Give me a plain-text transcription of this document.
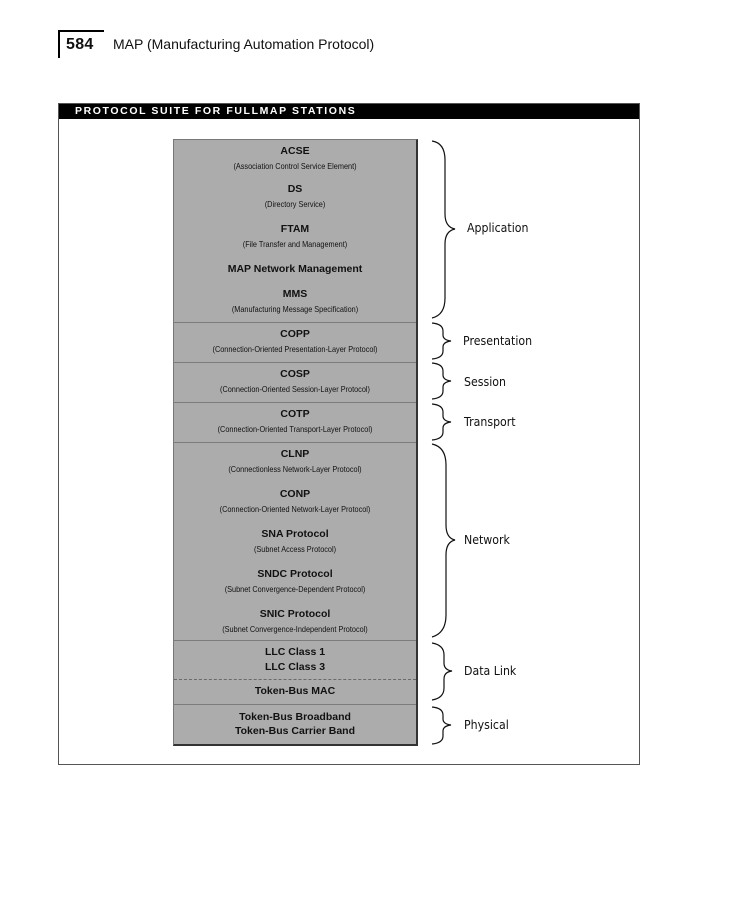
584 MAP (Manufacturing Automation Protocol)
PROTOCOL SUITE FOR FULLMAP STATIONS
ACSE
(Association Control Service Element)
DS
(Directory Service)
FTAM
(File Transfer and Management)
MAP Network Management
MMS
(Manufacturing Message Specification)
COPP
(Connection-Oriented Presentation-Layer Protocol)
COSP
(Connection-Oriented Session-Layer Protocol)
COTP
(Connection-Oriented Transport-Layer Protocol)
CLNP
(Connectionless Network-Layer Protocol)
CONP
(Connection-Oriented Network-Layer Protocol)
SNA Protocol
(Subnet Access Protocol)
SNDC Protocol
(Subnet Convergence-Dependent Protocol)
SNIC Protocol
(Subnet Convergence-Independent Protocol)
LLC Class 1
LLC Class 3
Token-Bus MAC
Token-Bus Broadband
Token-Bus Carrier Band
Application
Presentation
Session
Transport
Network
Data Link
Physical
